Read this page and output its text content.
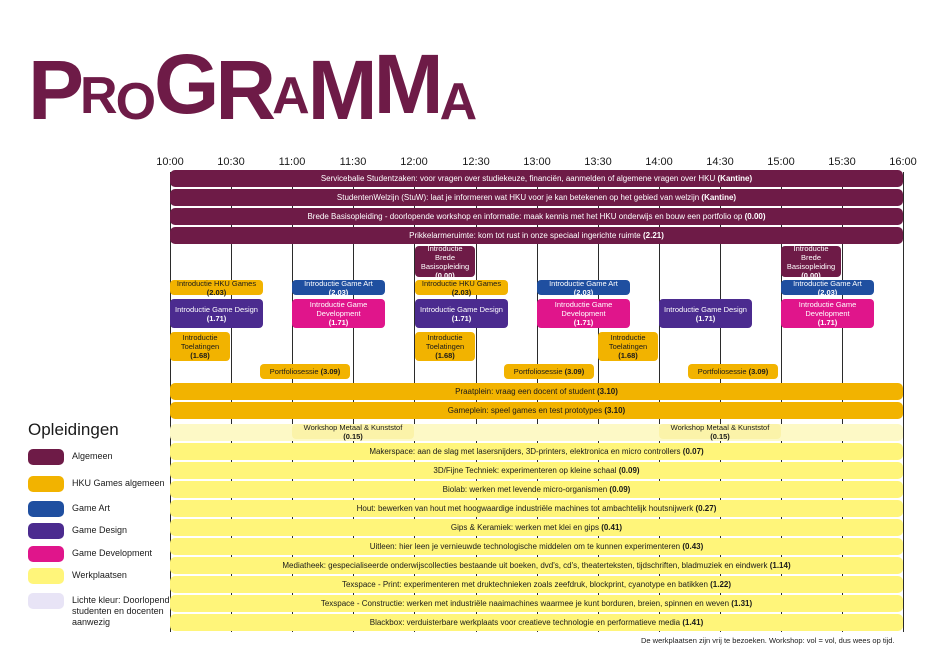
PROGRAMMA
10:00	10:30	11:00	11:30	12:00	12:30	13:00	13:30	14:00	14:30	15:00	15:30	16:00
Servicebalie Studentzaken: voor vragen over studiekeuze, financiën, aanmelden of algemene vragen over HKU (Kantine)
StudentenWelzijn (StuW): laat je informeren wat HKU voor je kan betekenen op het gebied van welzijn (Kantine)
Brede Basisopleiding - doorlopende workshop en informatie: maak kennis met het HKU onderwijs en bouw een portfolio op (0.00)
Prikkelarmeruimte: kom tot rust in onze speciaal ingerichte ruimte (2.21)
Praatplein: vraag een docent of student (3.10)
Gameplein: speel games en test prototypes (3.10)
Makerspace: aan de slag met lasersnijders, 3D-printers, elektronica en micro controllers (0.07)
3D/Fijne Techniek: experimenteren op kleine schaal (0.09)
Biolab: werken met levende micro-organismen (0.09)
Hout: bewerken van hout met hoogwaardige industriële machines tot ambachtelijk houtsnijwerk (0.27)
Gips & Keramiek: werken met klei en gips (0.41)
Uitleen: hier leen je vernieuwde technologische middelen om te kunnen experimenteren (0.43)
Mediatheek: gespecialiseerde onderwijscollecties bestaande uit boeken, dvd's, cd's, theaterteksten, tijdschriften, bladmuziek en eindwerk (1.14)
Texspace - Print: experimenteren met druktechnieken zoals zeefdruk, blockprint, cyanotype en batikken (1.22)
Texspace - Constructie: werken met industriële naaimachines waarmee je kunt borduren, breien, spinnen en weven (1.31)
Blackbox: verduisterbare werkplaats voor creatieve technologie en performatieve media (1.41)
Introductie Brede Basisopleiding
(0.00)
Introductie Brede Basisopleiding
(0.00)
Introductie HKU Games (2.03)
Introductie HKU Games (2.03)
Introductie Game Art (2.03)
Introductie Game Art (2.03)
Introductie Game Art (2.03)
Introductie Game Design (1.71)
Introductie Game Design (1.71)
Introductie Game Design (1.71)
Introductie Game Development
(1.71)
Introductie Game Development
(1.71)
Introductie Game Development
(1.71)
Introductie Toelatingen
(1.68)
Introductie Toelatingen
(1.68)
Introductie Toelatingen
(1.68)
Portfoliosessie (3.09)	Portfoliosessie (3.09)	Portfoliosessie (3.09)
Workshop Metaal & Kunststof (0.15)
Workshop Metaal & Kunststof (0.15)
Opleidingen
Algemeen
HKU Games algemeen
Game Art
Game Design
Game Development
Werkplaatsen
Lichte kleur: Doorlopend studenten en docenten aanwezig
De werkplaatsen zijn vrij te bezoeken. Workshop: vol = vol, dus wees op tijd.
